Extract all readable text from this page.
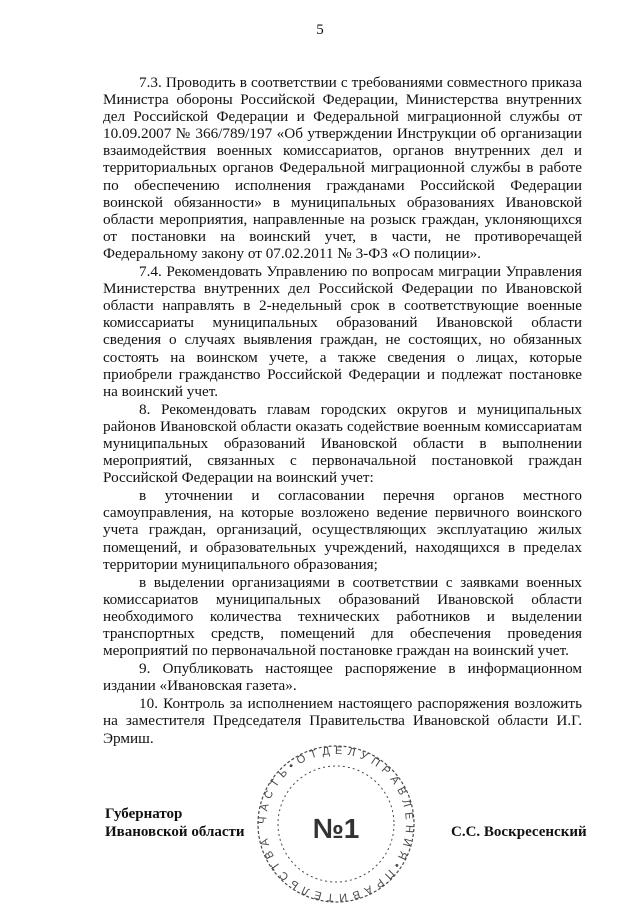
5

7.3. Проводить в соответствии с требованиями совместного приказа Министра обороны Российской Федерации, Министерства внутренних дел Российской Федерации и Федеральной миграционной службы от 10.09.2007 № 366/789/197 «Об утверждении Инструкции об организации взаимодействия военных комиссариатов, органов внутренних дел и территориальных органов Федеральной миграционной службы в работе по обеспечению исполнения гражданами Российской Федерации воинской обязанности» в муниципальных образованиях Ивановской области мероприятия, направленные на розыск граждан, уклоняющихся от постановки на воинский учет, в части, не противоречащей Федеральному закону от 07.02.2011 № 3-ФЗ «О полиции».

7.4. Рекомендовать Управлению по вопросам миграции Управления Министерства внутренних дел Российской Федерации по Ивановской области направлять в 2-недельный срок в соответствующие военные комиссариаты муниципальных образований Ивановской области сведения о случаях выявления граждан, не состоящих, но обязанных состоять на воинском учете, а также сведения о лицах, которые приобрели гражданство Российской Федерации и подлежат постановке на воинский учет.

8. Рекомендовать главам городских округов и муниципальных районов Ивановской области оказать содействие военным комиссариатам муниципальных образований Ивановской области в выполнении мероприятий, связанных с первоначальной постановкой граждан Российской Федерации на воинский учет:

в уточнении и согласовании перечня органов местного самоуправления, на которые возложено ведение первичного воинского учета граждан, организаций, осуществляющих эксплуатацию жилых помещений, и образовательных учреждений, находящихся в пределах территории муниципального образования;

в выделении организациями в соответствии с заявками военных комиссариатов муниципальных образований Ивановской области необходимого количества технических работников и выделении транспортных средств, помещений для обеспечения проведения мероприятий по первоначальной постановке граждан на воинский учет.

9. Опубликовать настоящее распоряжение в информационном издании «Ивановская газета».

10. Контроль за исполнением настоящего распоряжения возложить на заместителя Председателя Правительства Ивановской области И.Г. Эрмиш.

Ч А С Т Ь • О Т Д Е Л У П Р А В Л Е Н И Я • П Р А В И Т Е Л Ь С Т В А	№1
Губернатор
Ивановской области	С.С. Воскресенский
